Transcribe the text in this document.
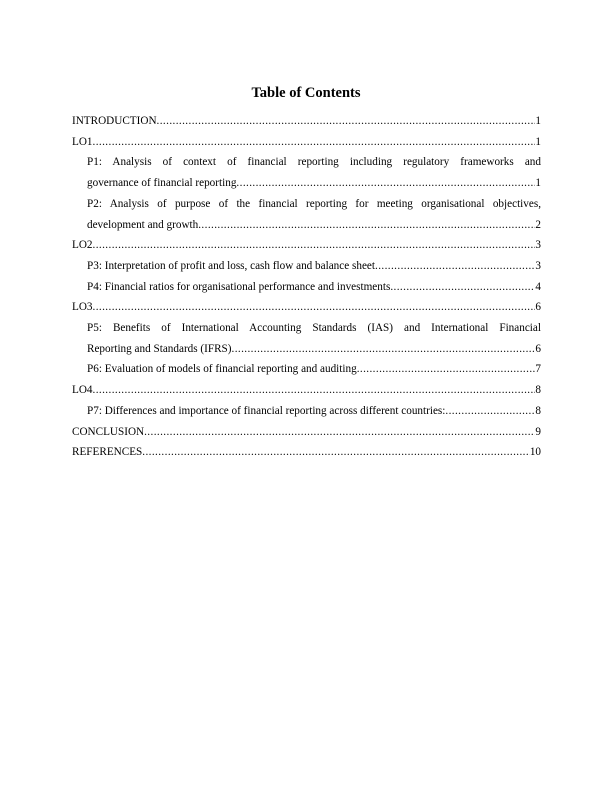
Table of Contents
INTRODUCTION .....	1
LO1 .....	1
P1: Analysis of context of financial reporting including regulatory frameworks and
governance of financial reporting .....	1
P2: Analysis of purpose of the financial reporting for meeting organisational objectives,
development and growth .....	2
LO2 .....	3
P3: Interpretation of profit and loss, cash flow and balance sheet .....	3
P4: Financial ratios for organisational performance and investments .....	4
LO3 .....	6
P5: Benefits of International Accounting Standards (IAS) and International Financial
Reporting and Standards (IFRS) .....	6
P6: Evaluation of models of financial reporting and auditing .....	7
LO4 .....	8
P7: Differences and importance of financial reporting across different countries: .....	8
CONCLUSION .....	9
REFERENCES .....	10
